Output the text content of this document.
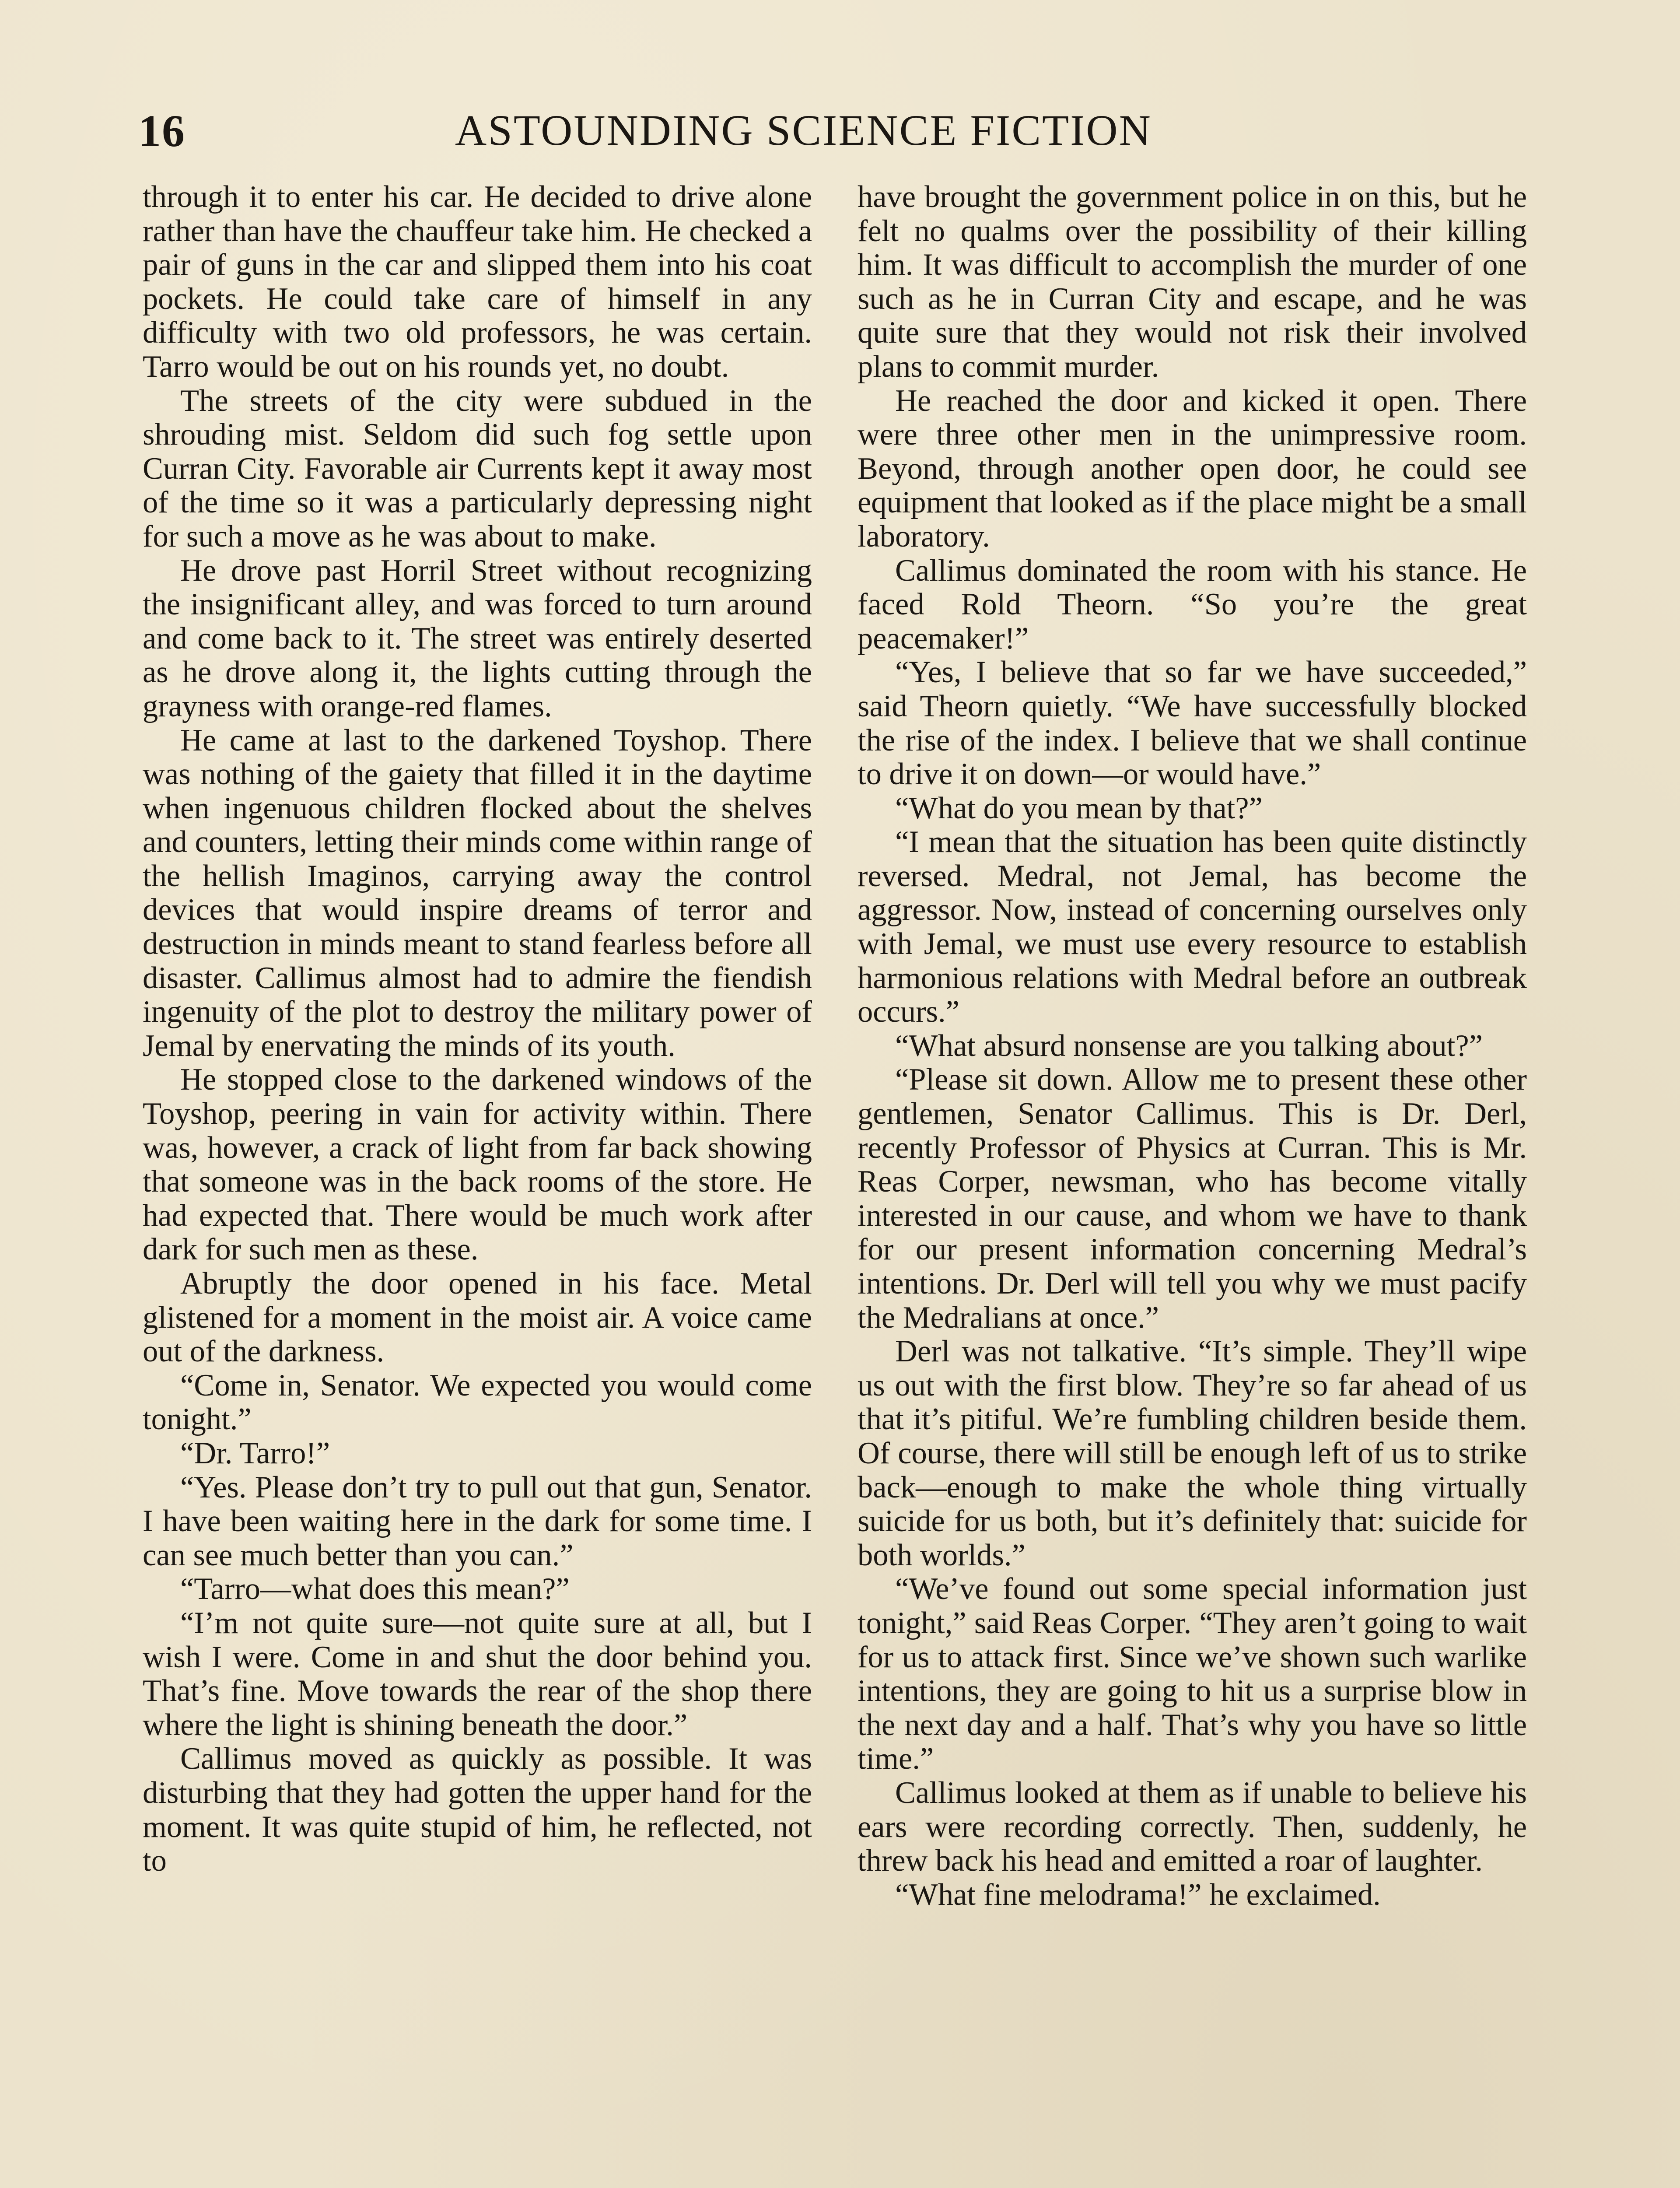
16	ASTOUNDING SCIENCE FICTION

through it to enter his car. He decided to drive alone rather than have the chauffeur take him. He checked a pair of guns in the car and slipped them into his coat pockets. He could take care of himself in any difficulty with two old professors, he was certain. Tarro would be out on his rounds yet, no doubt.

The streets of the city were subdued in the shrouding mist. Seldom did such fog settle upon Curran City. Favorable air Currents kept it away most of the time so it was a particularly depressing night for such a move as he was about to make.

He drove past Horril Street without recognizing the insignificant alley, and was forced to turn around and come back to it. The street was entirely deserted as he drove along it, the lights cutting through the grayness with orange-red flames.

He came at last to the darkened Toyshop. There was nothing of the gaiety that filled it in the daytime when ingenuous children flocked about the shelves and counters, letting their minds come within range of the hellish Imaginos, carrying away the control devices that would inspire dreams of terror and destruction in minds meant to stand fearless before all disaster. Callimus almost had to admire the fiendish ingenuity of the plot to destroy the military power of Jemal by enervating the minds of its youth.

He stopped close to the darkened windows of the Toyshop, peering in vain for activity within. There was, however, a crack of light from far back showing that someone was in the back rooms of the store. He had expected that. There would be much work after dark for such men as these.

Abruptly the door opened in his face. Metal glistened for a moment in the moist air. A voice came out of the darkness.

“Come in, Senator. We expected you would come tonight.”

“Dr. Tarro!”

“Yes. Please don’t try to pull out that gun, Senator. I have been waiting here in the dark for some time. I can see much better than you can.”

“Tarro—what does this mean?”

“I’m not quite sure—not quite sure at all, but I wish I were. Come in and shut the door behind you. That’s fine. Move towards the rear of the shop there where the light is shining beneath the door.”

Callimus moved as quickly as possible. It was disturbing that they had gotten the upper hand for the moment. It was quite stupid of him, he reflected, not to

have brought the government police in on this, but he felt no qualms over the possibility of their killing him. It was difficult to accomplish the murder of one such as he in Curran City and escape, and he was quite sure that they would not risk their involved plans to commit murder.

He reached the door and kicked it open. There were three other men in the unimpressive room. Beyond, through another open door, he could see equipment that looked as if the place might be a small laboratory.

Callimus dominated the room with his stance. He faced Rold Theorn. “So you’re the great peacemaker!”

“Yes, I believe that so far we have succeeded,” said Theorn quietly. “We have successfully blocked the rise of the index. I believe that we shall continue to drive it on down—or would have.”

“What do you mean by that?”

“I mean that the situation has been quite distinctly reversed. Medral, not Jemal, has become the aggressor. Now, instead of concerning ourselves only with Jemal, we must use every resource to establish harmonious relations with Medral before an outbreak occurs.”

“What absurd nonsense are you talking about?”

“Please sit down. Allow me to present these other gentlemen, Senator Callimus. This is Dr. Derl, recently Professor of Physics at Curran. This is Mr. Reas Corper, newsman, who has become vitally interested in our cause, and whom we have to thank for our present information concerning Medral’s intentions. Dr. Derl will tell you why we must pacify the Medralians at once.”

Derl was not talkative. “It’s simple. They’ll wipe us out with the first blow. They’re so far ahead of us that it’s pitiful. We’re fumbling children beside them. Of course, there will still be enough left of us to strike back—enough to make the whole thing virtually suicide for us both, but it’s definitely that: suicide for both worlds.”

“We’ve found out some special information just tonight,” said Reas Corper. “They aren’t going to wait for us to attack first. Since we’ve shown such warlike intentions, they are going to hit us a surprise blow in the next day and a half. That’s why you have so little time.”

Callimus looked at them as if unable to believe his ears were recording correctly. Then, suddenly, he threw back his head and emitted a roar of laughter.

“What fine melodrama!” he exclaimed.
